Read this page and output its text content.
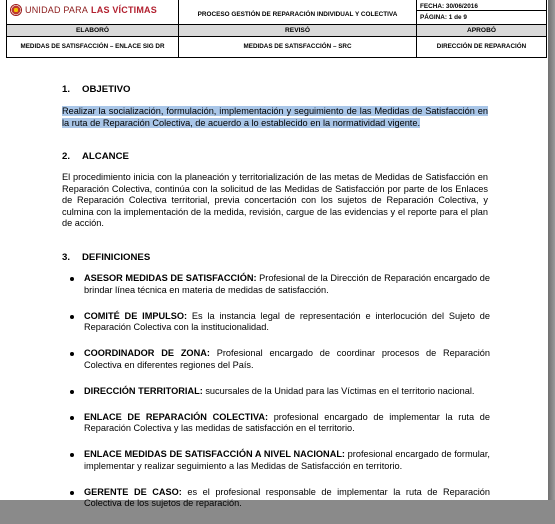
UNIDAD PARA LAS VÍCTIMAS	PROCESO GESTIÓN DE REPARACIÓN INDIVIDUAL Y COLECTIVA	FECHA: 30/06/2016
		PÁGINA: 1 de 9
ELABORÓ	REVISÓ	APROBÓ
MEDIDAS DE SATISFACCIÓN – ENLACE SIG DR	MEDIDAS DE SATISFACCIÓN – SRC	DIRECCIÓN DE REPARACIÓN
1. OBJETIVO

Realizar la socialización, formulación, implementación y seguimiento de las Medidas de Satisfacción en la ruta de Reparación Colectiva, de acuerdo a lo establecido en la normatividad vigente.

2. ALCANCE

El procedimiento inicia con la planeación y territorialización de las metas de Medidas de Satisfacción en Reparación Colectiva, continúa con la solicitud de las Medidas de Satisfacción por parte de los Enlaces de Reparación Colectiva territorial, previa concertación con los sujetos de Reparación Colectiva, y culmina con la implementación de la medida, revisión, cargue de las evidencias y el reporte para el plan de acción.

3. DEFINICIONES
ASESOR MEDIDAS DE SATISFACCIÓN: Profesional de la Dirección de Reparación encargado de brindar línea técnica en materia de medidas de satisfacción.
COMITÉ DE IMPULSO: Es la instancia legal de representación e interlocución del Sujeto de Reparación Colectiva con la institucionalidad.
COORDINADOR DE ZONA: Profesional encargado de coordinar procesos de Reparación Colectiva en diferentes regiones del País.
DIRECCIÓN TERRITORIAL: sucursales de la Unidad para las Víctimas en el territorio nacional.
ENLACE DE REPARACIÓN COLECTIVA: profesional encargado de implementar la ruta de Reparación Colectiva y las medidas de satisfacción en el territorio.
ENLACE MEDIDAS DE SATISFACCIÓN A NIVEL NACIONAL: profesional encargado de formular, implementar y realizar seguimiento a las Medidas de Satisfacción en territorio.
GERENTE DE CASO: es el profesional responsable de implementar la ruta de Reparación Colectiva de los sujetos de reparación.
